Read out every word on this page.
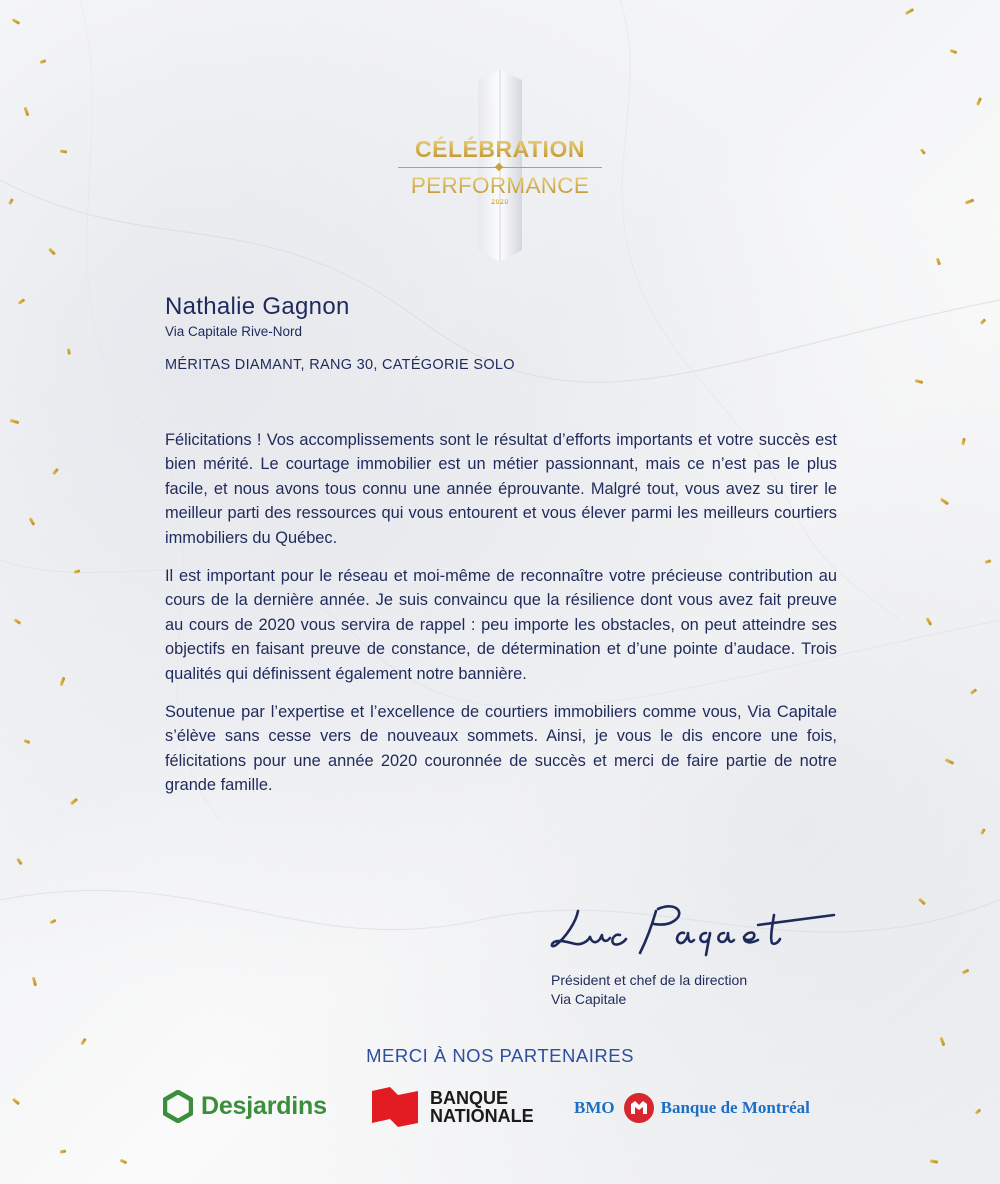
CÉLÉBRATION
PERFORMANCE
2020
Nathalie Gagnon
Via Capitale Rive-Nord
MÉRITAS DIAMANT, RANG 30, CATÉGORIE SOLO

Félicitations ! Vos accomplissements sont le résultat d’efforts importants et votre succès est bien mérité. Le courtage immobilier est un métier passionnant, mais ce n’est pas le plus facile, et nous avons tous connu une année éprouvante. Malgré tout, vous avez su tirer le meilleur parti des ressources qui vous entourent et vous élever parmi les meilleurs courtiers immobiliers du Québec.

Il est important pour le réseau et moi-même de reconnaître votre précieuse contribution au cours de la dernière année. Je suis convaincu que la résilience dont vous avez fait preuve au cours de 2020 vous servira de rappel : peu importe les obstacles, on peut atteindre ses objectifs en faisant preuve de constance, de détermination et d’une pointe d’audace. Trois qualités qui définissent également notre bannière.

Soutenue par l’expertise et l’excellence de courtiers immobiliers comme vous, Via Capitale s’élève sans cesse vers de nouveaux sommets. Ainsi, je vous le dis encore une fois, félicitations pour une année 2020 couronnée de succès et merci de faire partie de notre grande famille.

Président et chef de la direction
Via Capitale
MERCI À NOS PARTENAIRES
Desjardins	BANQUE
NATIONALE BMO	Banque de Montréal
